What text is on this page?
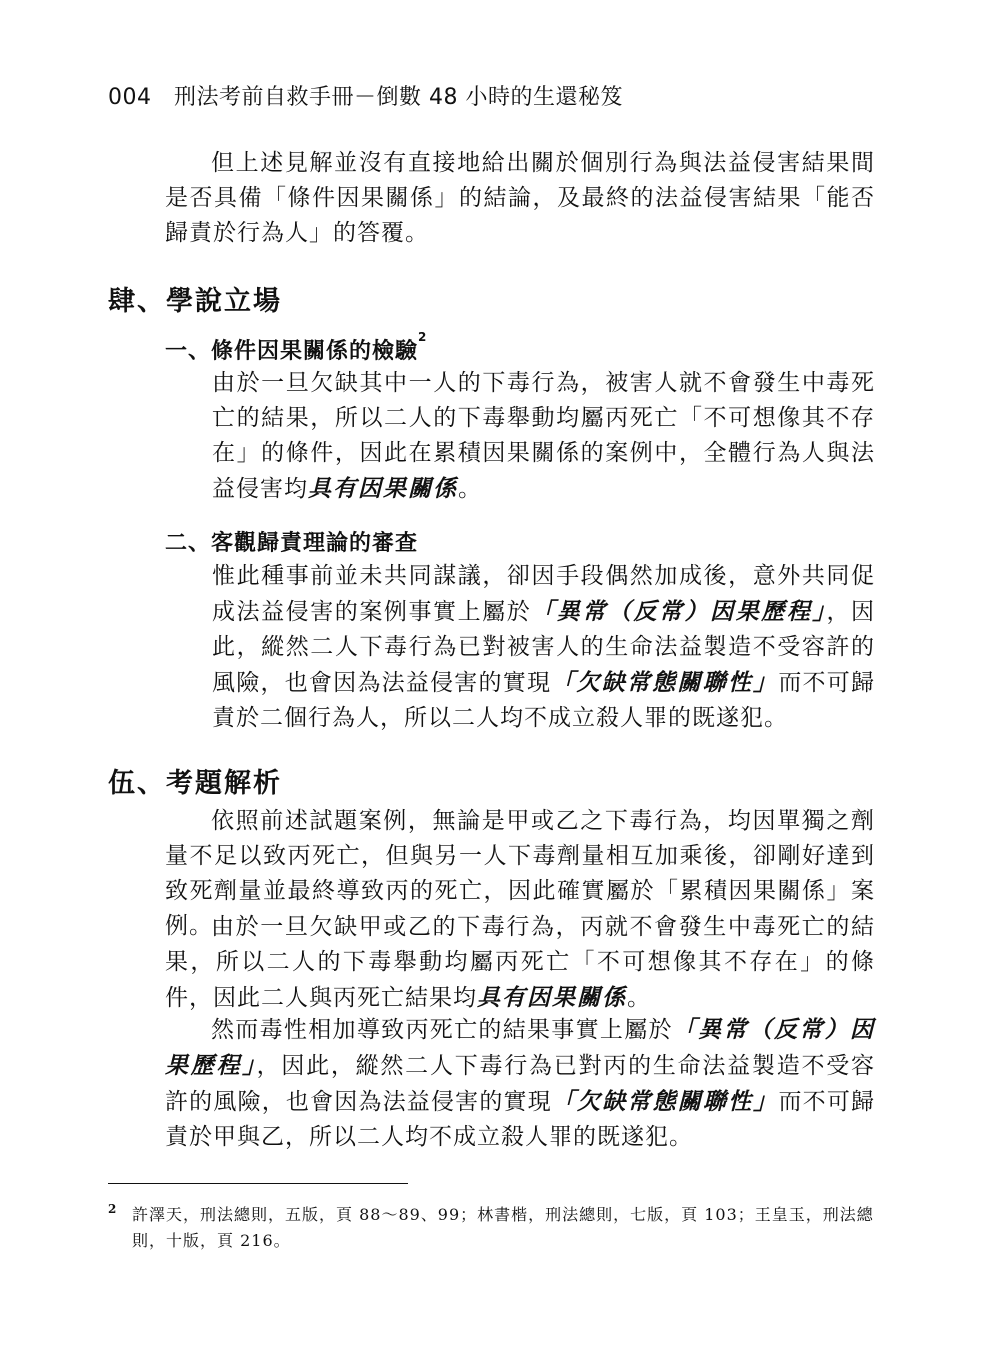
004 刑法考前自救手冊－倒數 48 小時的生還秘笈
但上述見解並沒有直接地給出關於個別行為與法益侵害結果間是否具備「條件因果關係」的結論，及最終的法益侵害結果「能否歸責於行為人」的答覆。
肆、學說立場
一、條件因果關係的檢驗$^2$
由於一旦欠缺其中一人的下毒行為，被害人就不會發生中毒死亡的結果，所以二人的下毒舉動均屬丙死亡「不可想像其不存在」的條件，因此在累積因果關係的案例中，全體行為人與法益侵害均具有因果關係。
二、客觀歸責理論的審查
惟此種事前並未共同謀議，卻因手段偶然加成後，意外共同促成法益侵害的案例事實上屬於「異常（反常）因果歷程」，因此，縱然二人下毒行為已對被害人的生命法益製造不受容許的風險，也會因為法益侵害的實現「欠缺常態關聯性」而不可歸責於二個行為人，所以二人均不成立殺人罪的既遂犯。
伍、考題解析
依照前述試題案例，無論是甲或乙之下毒行為，均因單獨之劑量不足以致丙死亡，但與另一人下毒劑量相互加乘後，卻剛好達到致死劑量並最終導致丙的死亡，因此確實屬於「累積因果關係」案例。
由於一旦欠缺甲或乙的下毒行為，丙就不會發生中毒死亡的結果，所以二人的下毒舉動均屬丙死亡「不可想像其不存在」的條件，因此二人與丙死亡結果均具有因果關係。
然而毒性相加導致丙死亡的結果事實上屬於「異常（反常）因果歷程」，因此，縱然二人下毒行為已對丙的生命法益製造不受容許的風險，也會因為法益侵害的實現「欠缺常態關聯性」而不可歸責於甲與乙，所以二人均不成立殺人罪的既遂犯。
2 許澤天，刑法總則，五版，頁 88～89、99；林書楷，刑法總則，七版，頁 103；王皇玉，刑法總則，十版，頁 216。
